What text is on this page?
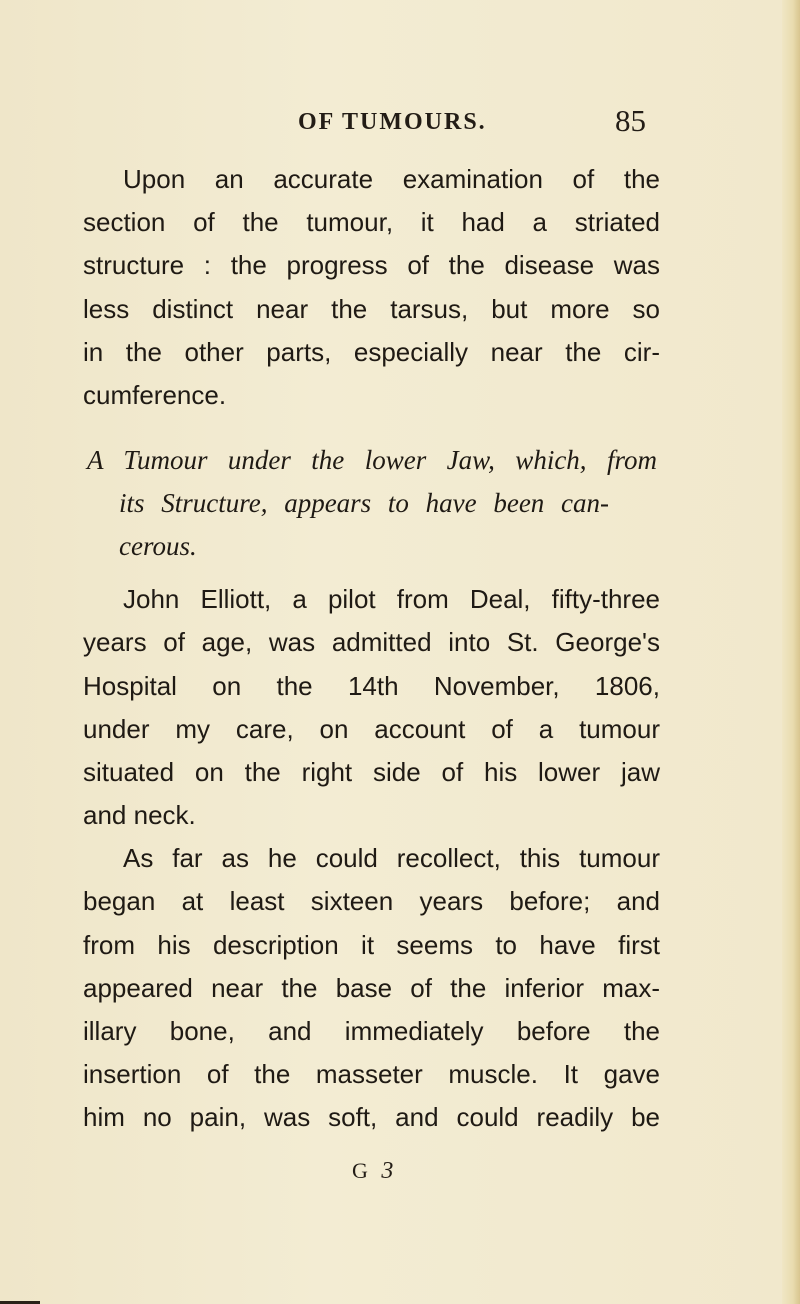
OF TUMOURS.	85
Upon an accurate examination of the
section of the tumour, it had a striated
structure : the progress of the disease was
less distinct near the tarsus, but more so
in the other parts, especially near the cir-
cumference.
A Tumour under the lower Jaw, which, from
its Structure, appears to have been can-
cerous.
John Elliott, a pilot from Deal, fifty-three
years of age, was admitted into St. George's
Hospital on the 14th November, 1806,
under my care, on account of a tumour
situated on the right side of his lower jaw
and neck.
As far as he could recollect, this tumour
began at least sixteen years before; and
from his description it seems to have first
appeared near the base of the inferior max-
illary bone, and immediately before the
insertion of the masseter muscle. It gave
him no pain, was soft, and could readily be
G 3
